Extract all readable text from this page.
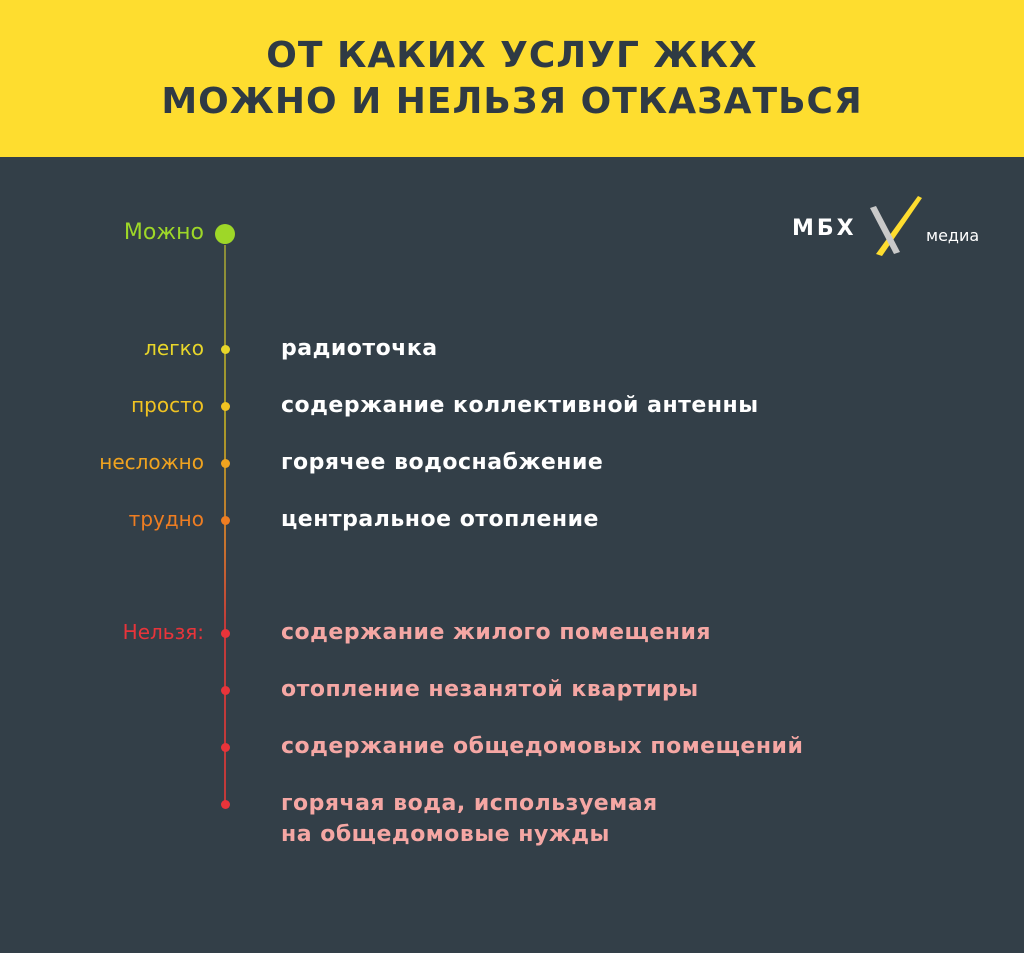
ОТ КАКИХ УСЛУГ ЖКХ
МОЖНО И НЕЛЬЗЯ ОТКАЗАТЬСЯ
МБХ	медиа
Можно
легко	радиоточка
просто	содержание коллективной антенны
несложно	горячее водоснабжение
трудно	центральное отопление
Нельзя:	содержание жилого помещения
отопление незанятой квартиры
содержание общедомовых помещений
горячая вода, используемая
на общедомовые нужды
